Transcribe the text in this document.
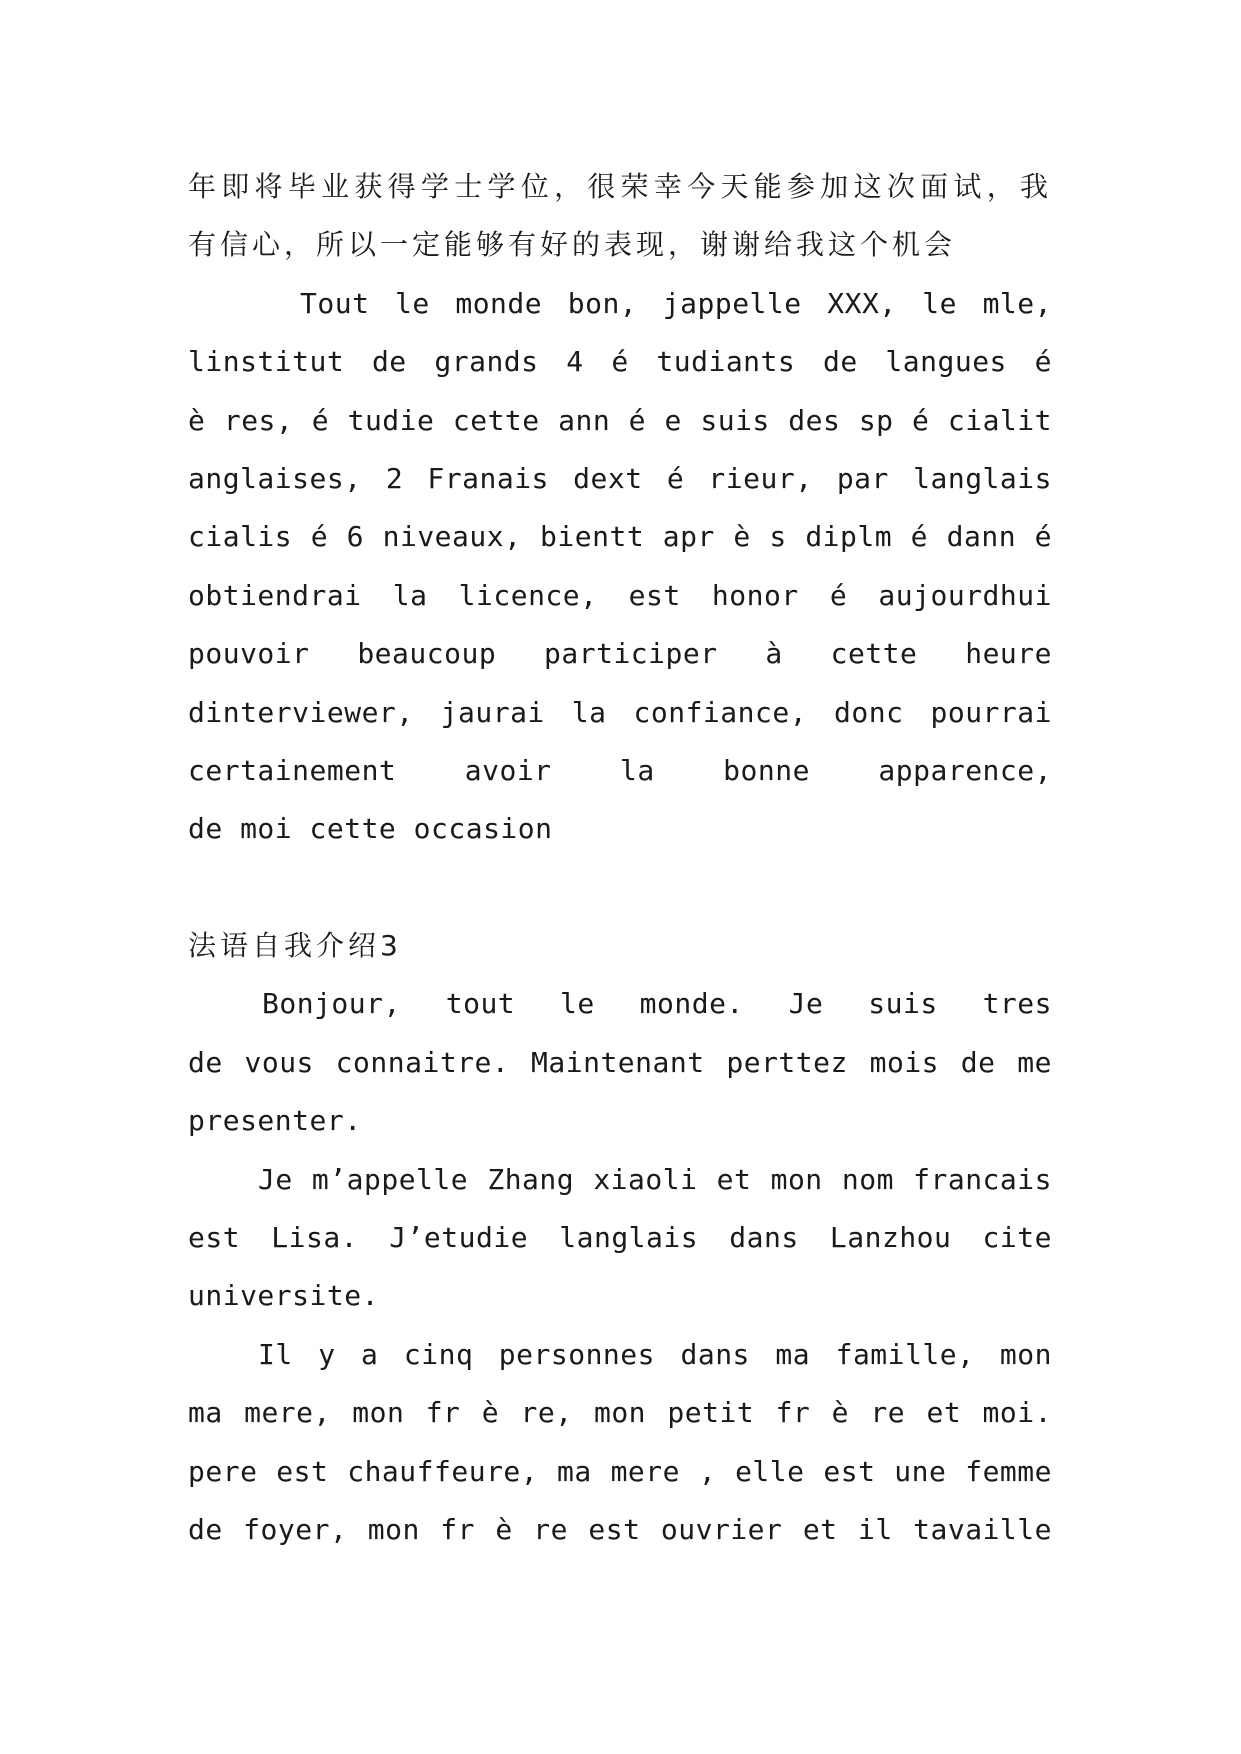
年即将毕业获得学士学位，很荣幸今天能参加这次面试，我
有信心，所以一定能够有好的表现，谢谢给我这个机会
Tout le monde bon, jappelle XXX, le mle,
linstitut de grands 4 é tudiants de langues é
è res, é tudie cette ann é e suis des sp é cialit
anglaises, 2 Franais dext é rieur, par langlais
cialis é 6 niveaux, bientt apr è s diplm é dann é
obtiendrai la licence, est honor é aujourdhui
pouvoir beaucoup participer à cette heure
dinterviewer, jaurai la confiance, donc pourrai
certainement avoir la bonne apparence,
de moi cette occasion
法语自我介绍3
Bonjour, tout le monde. Je suis tres
de vous connaitre. Maintenant perttez mois de me
presenter.
Je m’appelle Zhang xiaoli et mon nom francais
est Lisa. J’etudie langlais dans Lanzhou cite
universite.
Il y a cinq personnes dans ma famille, mon
ma mere, mon fr è re, mon petit fr è re et moi.
pere est chauffeure, ma mere , elle est une femme
de foyer, mon fr è re est ouvrier et il tavaille
